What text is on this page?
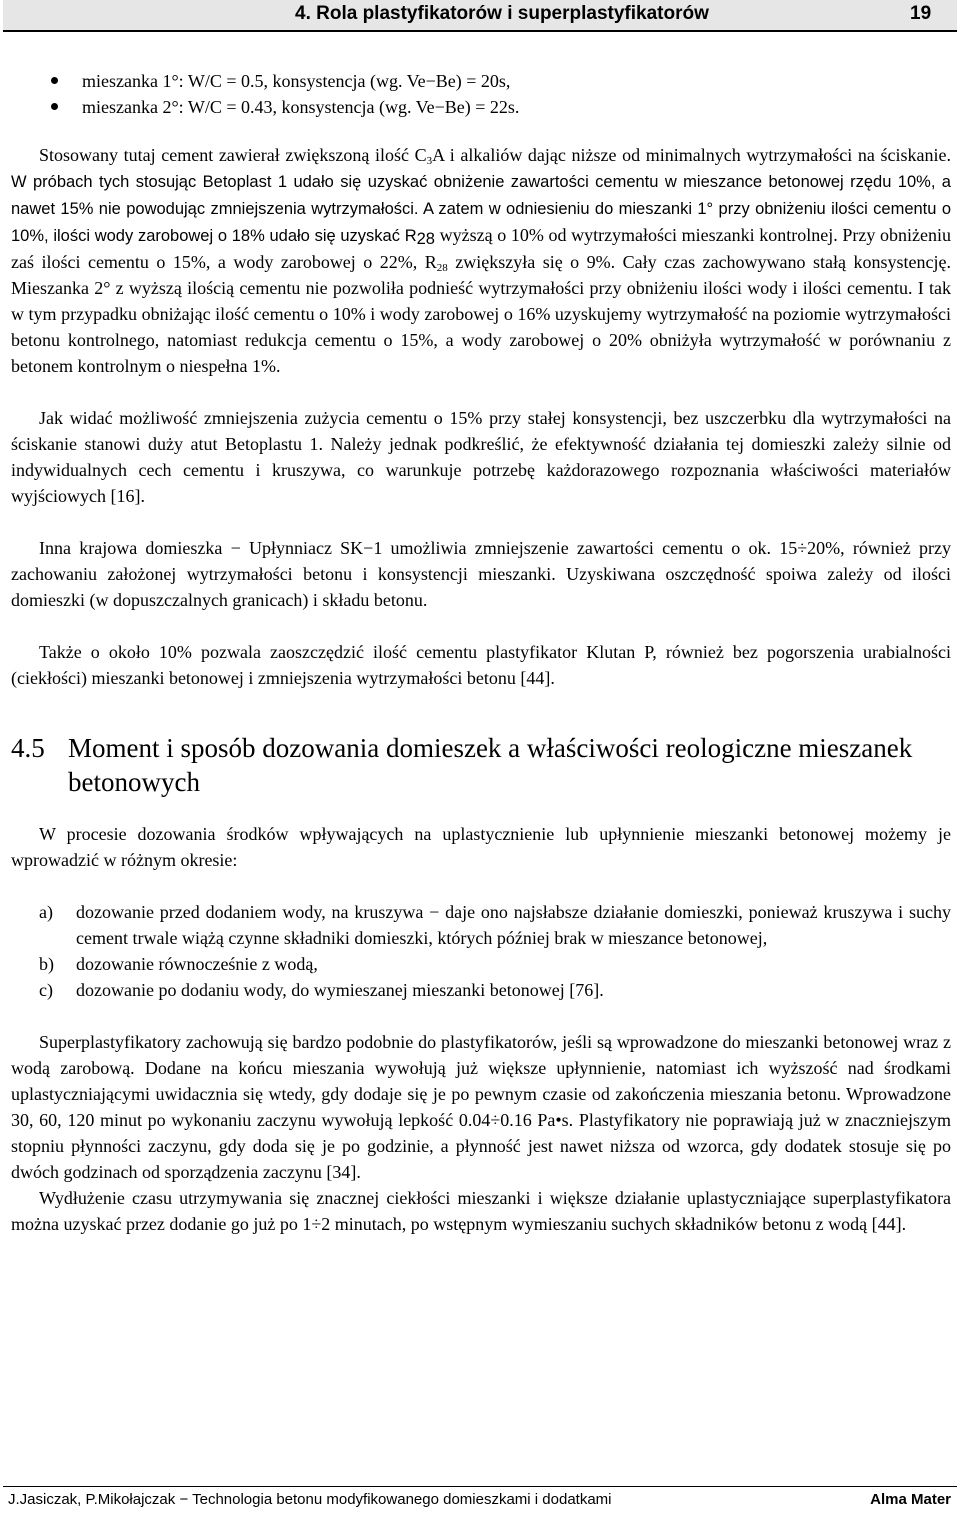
4. Rola plastyfikatorów i superplastyfikatorów	19
mieszanka 1°: W/C = 0.5, konsystencja (wg. Ve−Be) = 20s,
mieszanka 2°: W/C = 0.43, konsystencja (wg. Ve−Be) = 22s.

Stosowany tutaj cement zawierał zwiększoną ilość $C_3A$ i alkaliów dając niższe od minimalnych wytrzymałości na ściskanie. W próbach tych stosując Betoplast 1 udało się uzyskać obniżenie zawartości cementu w mieszance betonowej rzędu 10%, a nawet 15% nie powodując zmniejszenia wytrzymałości. A zatem w odniesieniu do mieszanki 1° przy obniżeniu ilości cementu o 10%, ilości wody zarobowej o 18% udało się uzyskać $R_{28}$ wyższą o 10% od wytrzymałości mieszanki kontrolnej. Przy obniżeniu zaś ilości cementu o 15%, a wody zarobowej o 22%, $R_{28}$ zwiększyła się o 9%. Cały czas zachowywano stałą konsystencję. Mieszanka 2° z wyższą ilością cementu nie pozwoliła podnieść wytrzymałości przy obniżeniu ilości wody i ilości cementu. I tak w tym przypadku obniżając ilość cementu o 10% i wody zarobowej o 16% uzyskujemy wytrzymałość na poziomie wytrzymałości betonu kontrolnego, natomiast redukcja cementu o 15%, a wody zarobowej o 20% obniżyła wytrzymałość w porównaniu z betonem kontrolnym o niespełna 1%.

Jak widać możliwość zmniejszenia zużycia cementu o 15% przy stałej konsystencji, bez uszczerbku dla wytrzymałości na ściskanie stanowi duży atut Betoplastu 1. Należy jednak podkreślić, że efektywność działania tej domieszki zależy silnie od indywidualnych cech cementu i kruszywa, co warunkuje potrzebę każdorazowego rozpoznania właściwości materiałów wyjściowych [16].

Inna krajowa domieszka − Upłynniacz SK−1 umożliwia zmniejszenie zawartości cementu o ok. 15÷20%, również przy zachowaniu założonej wytrzymałości betonu i konsystencji mieszanki. Uzyskiwana oszczędność spoiwa zależy od ilości domieszki (w dopuszczalnych granicach) i składu betonu.

Także o około 10% pozwala zaoszczędzić ilość cementu plastyfikator Klutan P, również bez pogorszenia urabialności (ciekłości) mieszanki betonowej i zmniejszenia wytrzymałości betonu [44].

4.5 Moment i sposób dozowania domieszek a właściwości reologiczne mieszanek betonowych

W procesie dozowania środków wpływających na uplastycznienie lub upłynnienie mieszanki betonowej możemy je wprowadzić w różnym okresie:

a) dozowanie przed dodaniem wody, na kruszywa − daje ono najsłabsze działanie domieszki, ponieważ kruszywa i suchy cement trwale wiążą czynne składniki domieszki, których później brak w mieszance betonowej,
b) dozowanie równocześnie z wodą,
c) dozowanie po dodaniu wody, do wymieszanej mieszanki betonowej [76].

Superplastyfikatory zachowują się bardzo podobnie do plastyfikatorów, jeśli są wprowadzone do mieszanki betonowej wraz z wodą zarobową. Dodane na końcu mieszania wywołują już większe upłynnienie, natomiast ich wyższość nad środkami uplastyczniającymi uwidacznia się wtedy, gdy dodaje się je po pewnym czasie od zakończenia mieszania betonu. Wprowadzone 30, 60, 120 minut po wykonaniu zaczynu wywołują lepkość 0.04÷0.16 Pa•s. Plastyfikatory nie poprawiają już w znaczniejszym stopniu płynności zaczynu, gdy doda się je po godzinie, a płynność jest nawet niższa od wzorca, gdy dodatek stosuje się po dwóch godzinach od sporządzenia zaczynu [34].

Wydłużenie czasu utrzymywania się znacznej ciekłości mieszanki i większe działanie uplastyczniające superplastyfikatora można uzyskać przez dodanie go już po 1÷2 minutach, po wstępnym wymieszaniu suchych składników betonu z wodą [44].

J.Jasiczak, P.Mikołajczak − Technologia betonu modyfikowanego domieszkami i dodatkami	Alma Mater
